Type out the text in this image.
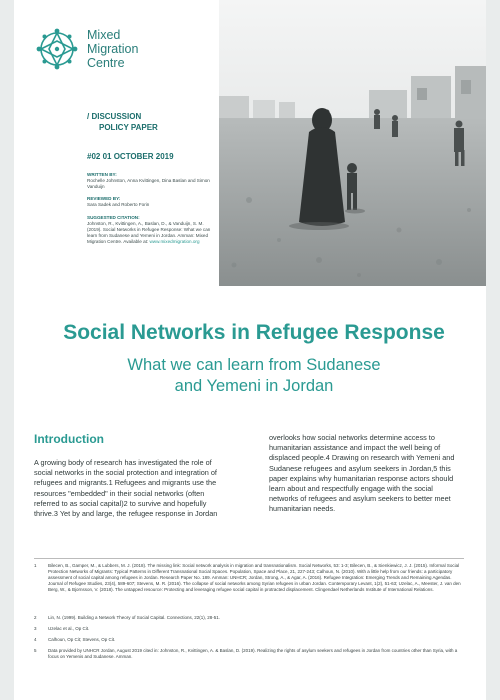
Mixed
Migration
Centre
/ DISCUSSION
POLICY PAPER
#02 01 OCTOBER 2019
WRITTEN BY:
Rochelle Johnston, Anna Kvittingen, Dina Baslan and Simon Vanduijn
REVIEWED BY:
Sara Sadek and Roberto Forin
SUGGESTED CITATION:
Johnston, R., Kvittingen, A., Baslan, D., & Vanduijn, S. M. (2019). Social Networks in Refugee Response: What we can learn from Sudanese and Yemeni in Jordan. Amman: Mixed Migration Centre. Available at: www.mixedmigration.org
Social Networks in Refugee Response
What we can learn from Sudanese
and Yemeni in Jordan
Introduction
A growing body of research has investigated the role of social networks in the social protection and integration of refugees and migrants.1 Refugees and migrants use the resources "embedded" in their social networks (often referred to as social capital)2 to survive and hopefully thrive.3 Yet by and large, the refugee response in Jordan
overlooks how social networks determine access to humanitarian assistance and impact the well being of displaced people.4 Drawing on research with Yemeni and Sudanese refugees and asylum seekers in Jordan,5 this paper explains why humanitarian response actors should learn about and respectfully engage with the social networks of refugees and asylum seekers to better meet humanitarian needs.
1	Bilecen, B., Gamper, M., & Lubbers, M. J. (2018). The missing link: Social network analysis in migration and transnationalism. Social Networks, 53: 1-3; Bilecen, B., & Sienkiewicz, J. J. (2015). Informal Social Protection Networks of Migrants: Typical Patterns in Different Transnational Social Spaces. Population, Space and Place, 21, 227-243; Calhoun, N. (2010). With a little help from our friends: a participatory assessment of social capital among refugees in Jordan. Research Paper No. 189. Amman: UNHCR; Jordan, Strong, A., & Agar, A. (2016). Refugee Integration: Emerging Trends and Remaining Agendas. Journal of Refugee Studies, 23(4), 589-607; Stevens, M. R. (2016). The collapse of social networks among Syrian refugees in urban Jordan. Contemporary Levant, 1(2), 51-63; Uzelac, A., Meester, J. van den Berg, W., & Bjornsson, V. (2018). The untapped resource: Protecting and leveraging refugee social capital in protracted displacement. Clingendael Netherlands Institute of International Relations.
2	Lin, N. (1999). Building a Network Theory of Social Capital. Connections, 22(1), 28-51.
3	Uzelac et al., Op Cit.
4	Calhoun, Op Cit; Stevens, Op Cit.
5	Data provided by UNHCR Jordan, August 2019 cited in: Johnston, R., Kvittingen, A. & Baslan, D. (2019). Realizing the rights of asylum seekers and refugees in Jordan from countries other than Syria, with a focus on Yemenis and Sudanese. Amman.
